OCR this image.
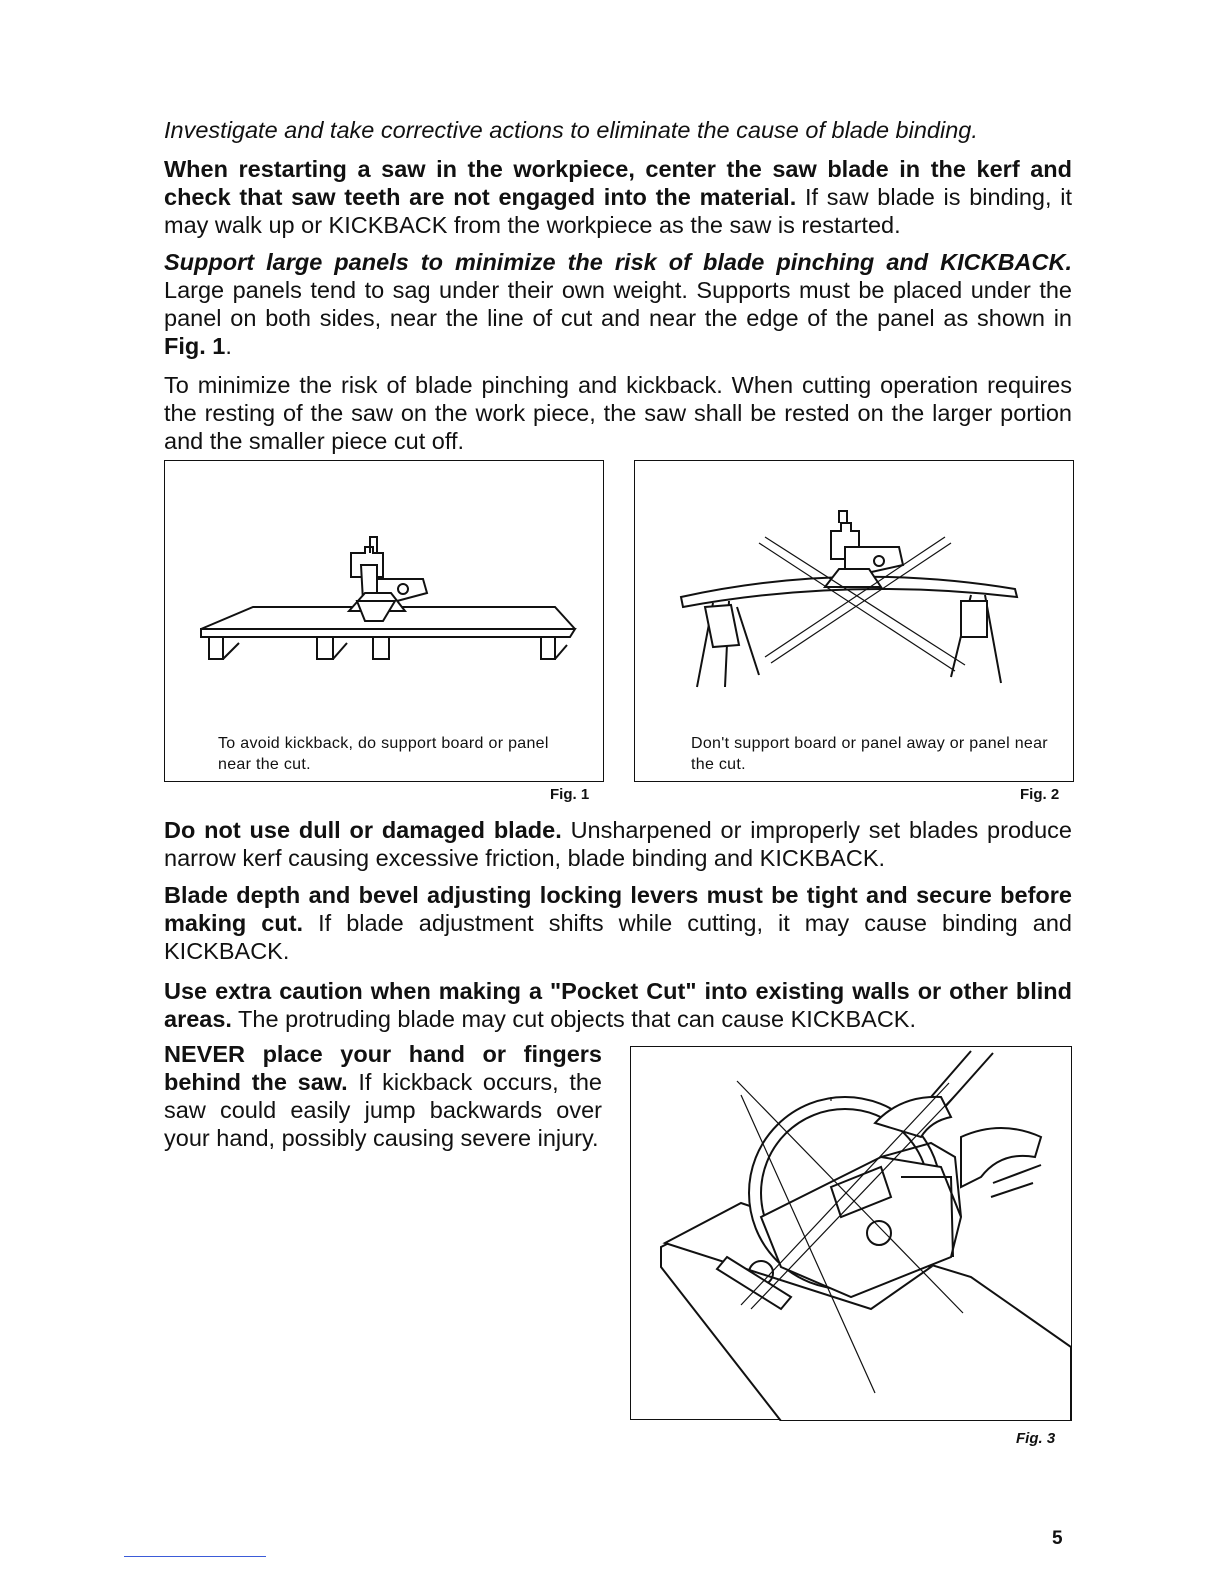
Investigate and take corrective actions to eliminate the cause of blade binding.

When restarting a saw in the workpiece, center the saw blade in the kerf and check that saw teeth are not engaged into the material. If saw blade is binding, it may walk up or KICKBACK from the workpiece as the saw is restarted.

Support large panels to minimize the risk of blade pinching and KICKBACK. Large panels tend to sag under their own weight. Supports must be placed under the panel on both sides, near the line of cut and near the edge of the panel as shown in Fig. 1.

To minimize the risk of blade pinching and kickback. When cutting operation requires the resting of the saw on the work piece, the saw shall be rested on the larger portion and the smaller piece cut off.

To avoid kickback, do support board or panel near the cut.
Fig. 1
Don't support board or panel away or panel near the cut.
Fig. 2

Do not use dull or damaged blade. Unsharpened or improperly set blades produce narrow kerf causing excessive friction, blade binding and KICKBACK.

Blade depth and bevel adjusting locking levers must be tight and secure before making cut. If blade adjustment shifts while cutting, it may cause binding and KICKBACK.

Use extra caution when making a "Pocket Cut" into existing walls or other blind areas. The protruding blade may cut objects that can cause KICKBACK.

NEVER place your hand or fingers behind the saw. If kickback occurs, the saw could easily jump backwards over your hand, possibly causing severe injury.

Fig. 3
5
